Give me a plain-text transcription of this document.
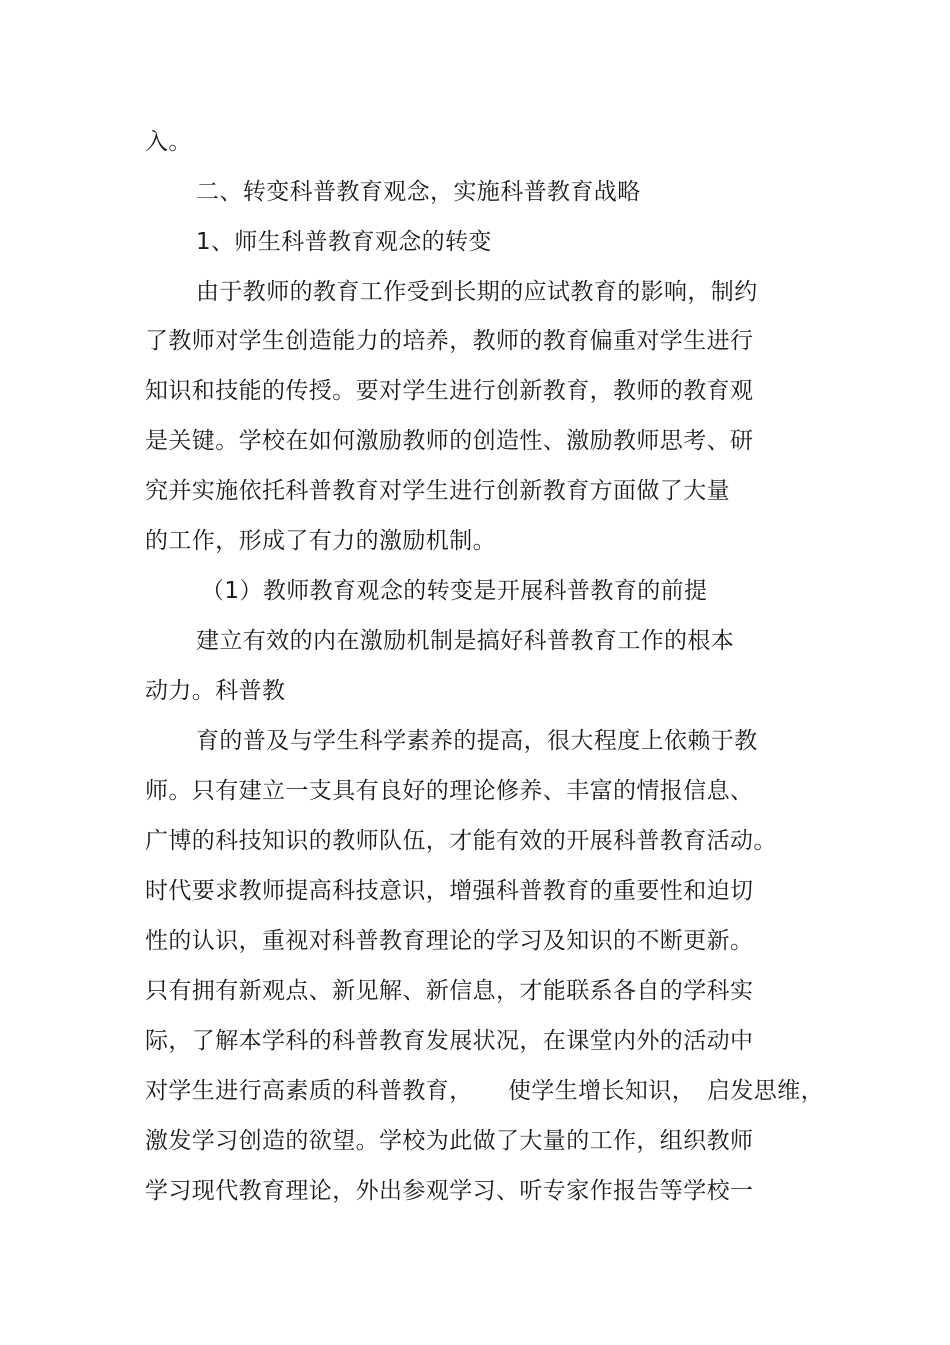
入。
二、转变科普教育观念，实施科普教育战略
1、师生科普教育观念的转变
由于教师的教育工作受到长期的应试教育的影响，制约
了教师对学生创造能力的培养，教师的教育偏重对学生进行
知识和技能的传授。要对学生进行创新教育，教师的教育观
是关键。学校在如何激励教师的创造性、激励教师思考、研
究并实施依托科普教育对学生进行创新教育方面做了大量
的工作，形成了有力的激励机制。
（1）教师教育观念的转变是开展科普教育的前提
建立有效的内在激励机制是搞好科普教育工作的根本
动力。科普教
育的普及与学生科学素养的提高，很大程度上依赖于教
师。只有建立一支具有良好的理论修养、丰富的情报信息、
广博的科技知识的教师队伍，才能有效的开展科普教育活动。
时代要求教师提高科技意识，增强科普教育的重要性和迫切
性的认识，重视对科普教育理论的学习及知识的不断更新。
只有拥有新观点、新见解、新信息，才能联系各自的学科实
际，了解本学科的科普教育发展状况，在课堂内外的活动中
对学生进行高素质的科普教育，　　使学生增长知识，　启发思维，
激发学习创造的欲望。学校为此做了大量的工作，组织教师
学习现代教育理论，外出参观学习、听专家作报告等学校一
